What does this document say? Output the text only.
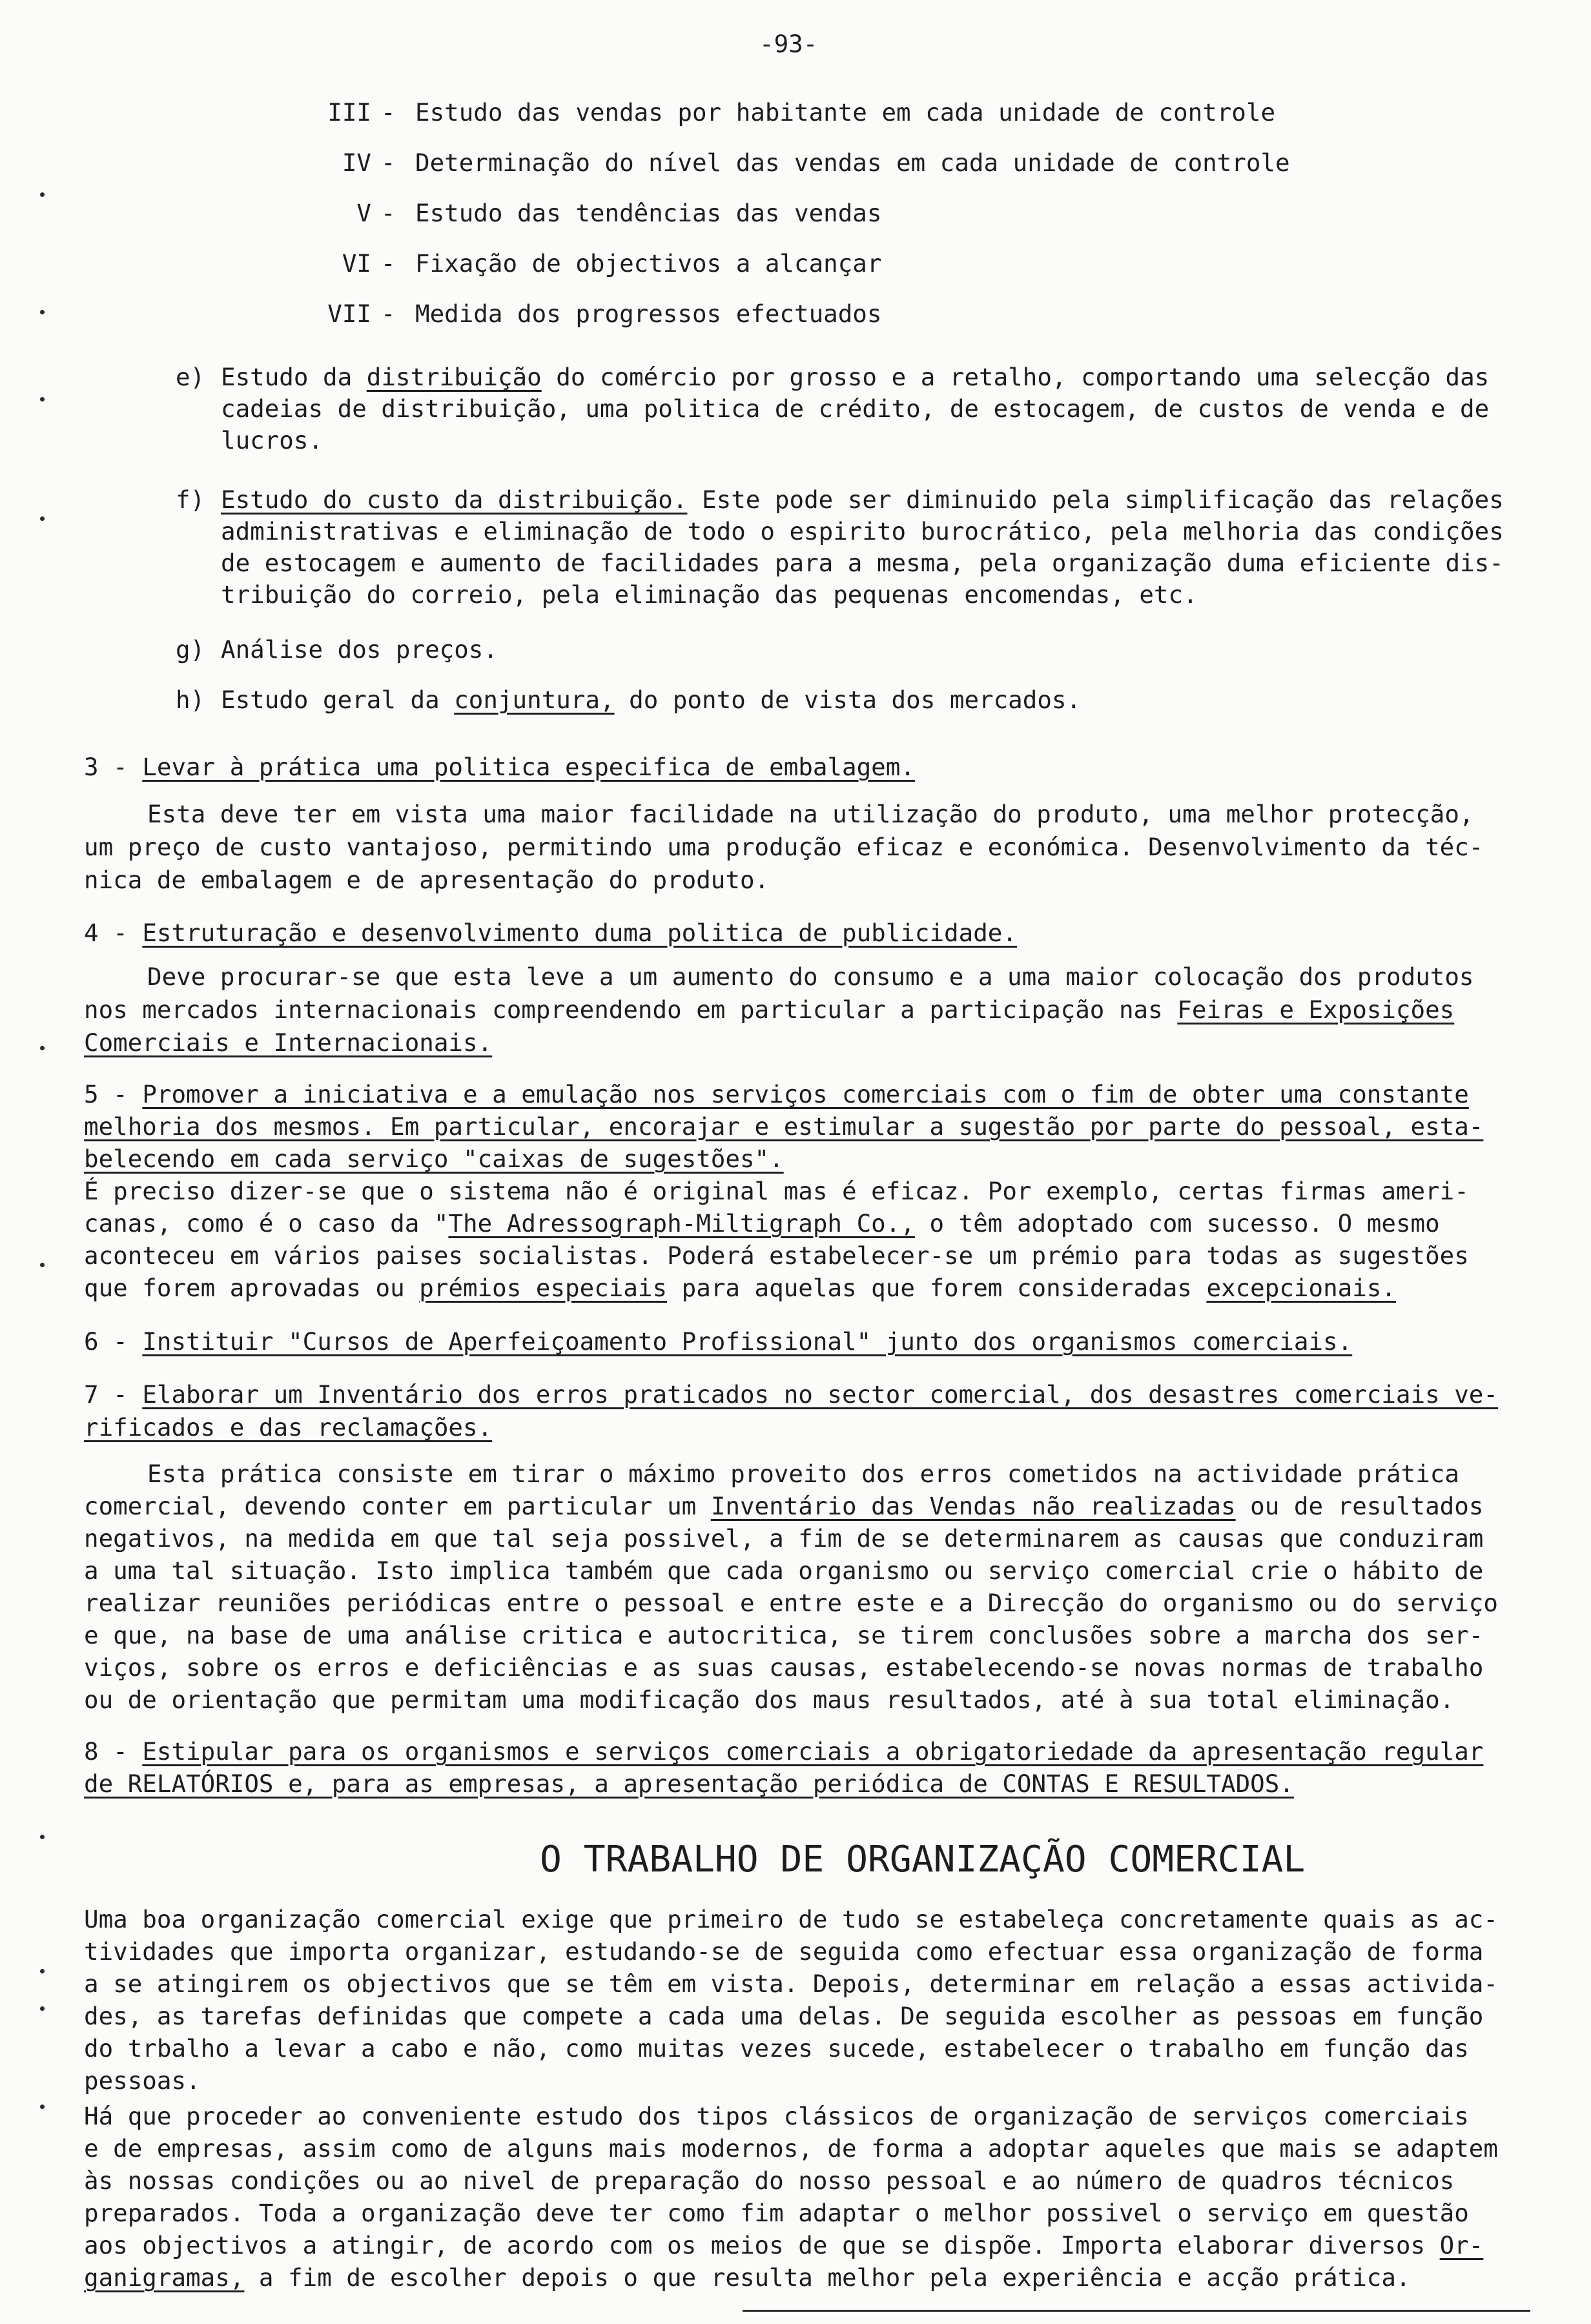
-93-
III - Estudo das vendas por habitante em cada unidade de controle
IV - Determinação do nível das vendas em cada unidade de controle
V - Estudo das tendências das vendas
VI - Fixação de objectivos a alcançar
VII - Medida dos progressos efectuados
e) Estudo da distribuição do comércio por grosso e a retalho, comportando uma selecção das
cadeias de distribuição, uma politica de crédito, de estocagem, de custos de venda e de
lucros.
f) Estudo do custo da distribuição. Este pode ser diminuido pela simplificação das relações
administrativas e eliminação de todo o espirito burocrático, pela melhoria das condições
de estocagem e aumento de facilidades para a mesma, pela organização duma eficiente dis-
tribuição do correio, pela eliminação das pequenas encomendas, etc.
g) Análise dos preços.
h) Estudo geral da conjuntura, do ponto de vista dos mercados.
3 - Levar à prática uma politica especifica de embalagem.
Esta deve ter em vista uma maior facilidade na utilização do produto, uma melhor protecção,
um preço de custo vantajoso, permitindo uma produção eficaz e económica. Desenvolvimento da téc-
nica de embalagem e de apresentação do produto.
4 - Estruturação e desenvolvimento duma politica de publicidade.
Deve procurar-se que esta leve a um aumento do consumo e a uma maior colocação dos produtos
nos mercados internacionais compreendendo em particular a participação nas Feiras e Exposições
Comerciais e Internacionais.
5 - Promover a iniciativa e a emulação nos serviços comerciais com o fim de obter uma constante
melhoria dos mesmos. Em particular, encorajar e estimular a sugestão por parte do pessoal, esta-
belecendo em cada serviço "caixas de sugestões".
É preciso dizer-se que o sistema não é original mas é eficaz. Por exemplo, certas firmas ameri-
canas, como é o caso da "The Adressograph-Miltigraph Co., o têm adoptado com sucesso. O mesmo
aconteceu em vários paises socialistas. Poderá estabelecer-se um prémio para todas as sugestões
que forem aprovadas ou prémios especiais para aquelas que forem consideradas excepcionais.
6 - Instituir "Cursos de Aperfeiçoamento Profissional" junto dos organismos comerciais.
7 - Elaborar um Inventário dos erros praticados no sector comercial, dos desastres comerciais ve-
rificados e das reclamações.
Esta prática consiste em tirar o máximo proveito dos erros cometidos na actividade prática
comercial, devendo conter em particular um Inventário das Vendas não realizadas ou de resultados
negativos, na medida em que tal seja possivel, a fim de se determinarem as causas que conduziram
a uma tal situação. Isto implica também que cada organismo ou serviço comercial crie o hábito de
realizar reuniões periódicas entre o pessoal e entre este e a Direcção do organismo ou do serviço
e que, na base de uma análise critica e autocritica, se tirem conclusões sobre a marcha dos ser-
viços, sobre os erros e deficiências e as suas causas, estabelecendo-se novas normas de trabalho
ou de orientação que permitam uma modificação dos maus resultados, até à sua total eliminação.
8 - Estipular para os organismos e serviços comerciais a obrigatoriedade da apresentação regular
de RELATÓRIOS e, para as empresas, a apresentação periódica de CONTAS E RESULTADOS.
O TRABALHO DE ORGANIZAÇÃO COMERCIAL
Uma boa organização comercial exige que primeiro de tudo se estabeleça concretamente quais as ac-
tividades que importa organizar, estudando-se de seguida como efectuar essa organização de forma
a se atingirem os objectivos que se têm em vista. Depois, determinar em relação a essas activida-
des, as tarefas definidas que compete a cada uma delas. De seguida escolher as pessoas em função
do trbalho a levar a cabo e não, como muitas vezes sucede, estabelecer o trabalho em função das
pessoas.
Há que proceder ao conveniente estudo dos tipos clássicos de organização de serviços comerciais
e de empresas, assim como de alguns mais modernos, de forma a adoptar aqueles que mais se adaptem
às nossas condições ou ao nivel de preparação do nosso pessoal e ao número de quadros técnicos
preparados. Toda a organização deve ter como fim adaptar o melhor possivel o serviço em questão
aos objectivos a atingir, de acordo com os meios de que se dispõe. Importa elaborar diversos Or-
ganigramas, a fim de escolher depois o que resulta melhor pela experiência e acção prática.
